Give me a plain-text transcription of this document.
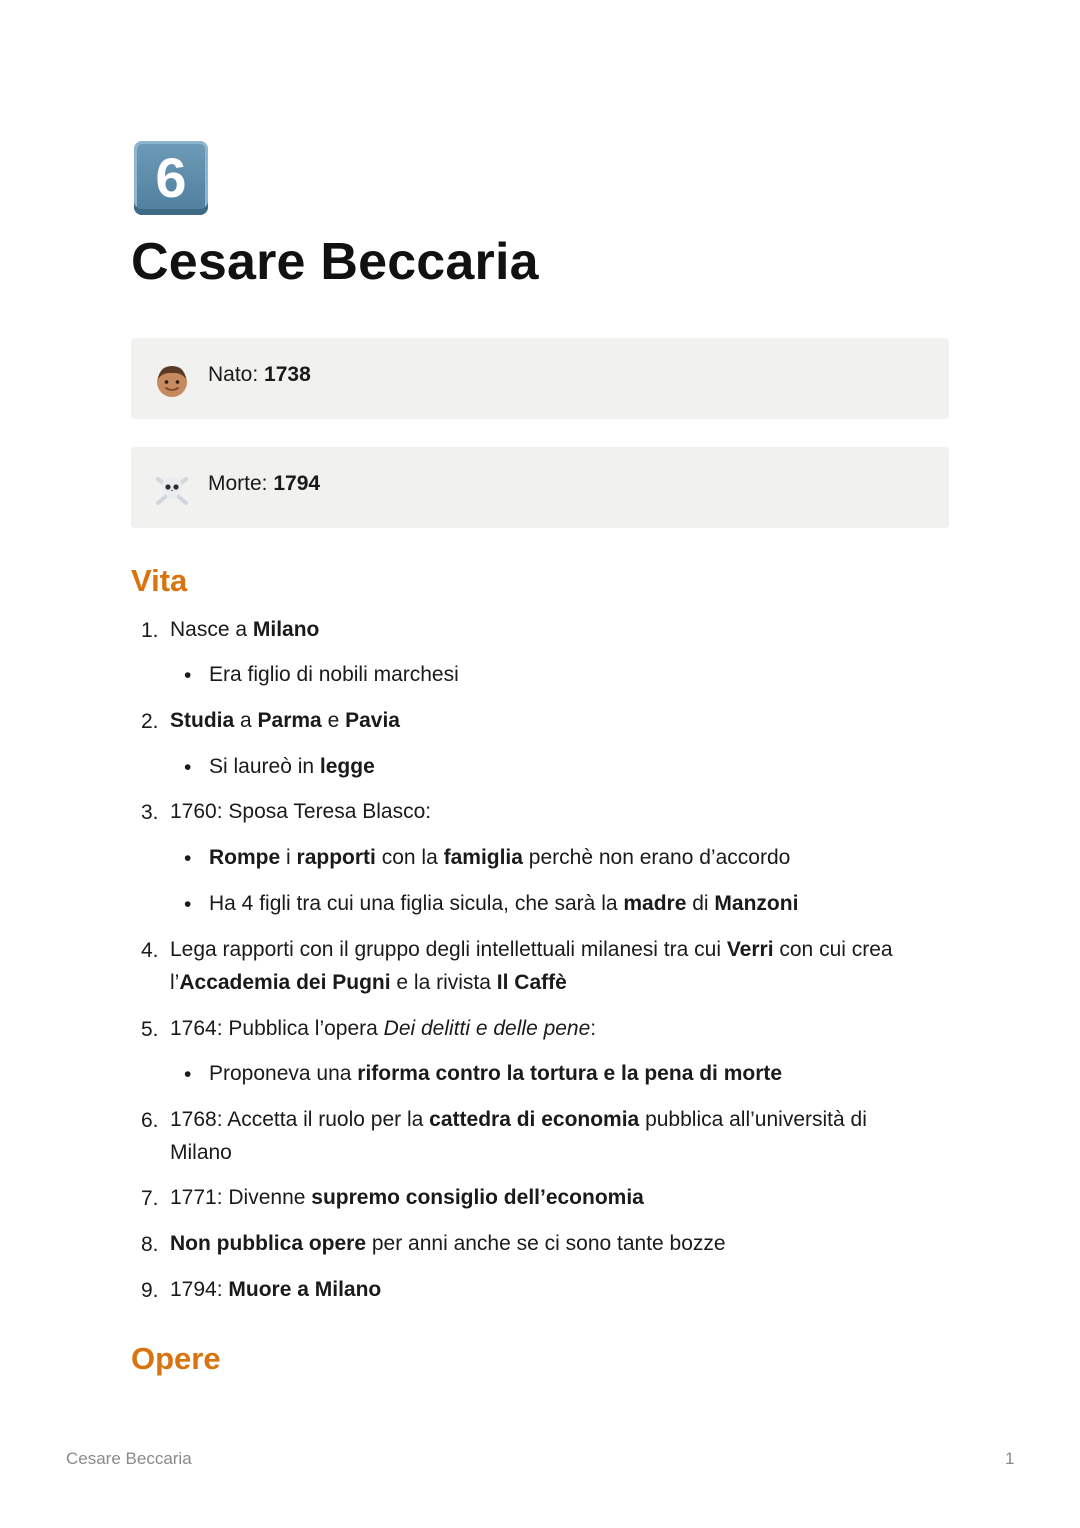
6
Cesare Beccaria
Nato: 1738
Morte: 1794
Vita
1. Nasce a Milano
• Era figlio di nobili marchesi
2. Studia a Parma e Pavia
• Si laureò in legge
3. 1760: Sposa Teresa Blasco:
• Rompe i rapporti con la famiglia perchè non erano d’accordo
• Ha 4 figli tra cui una figlia sicula, che sarà la madre di Manzoni
4. Lega rapporti con il gruppo degli intellettuali milanesi tra cui Verri con cui crea l’Accademia dei Pugni e la rivista Il Caffè
5. 1764: Pubblica l’opera Dei delitti e delle pene:
• Proponeva una riforma contro la tortura e la pena di morte
6. 1768: Accetta il ruolo per la cattedra di economia pubblica all’università di Milano
7. 1771: Divenne supremo consiglio dell’economia
8. Non pubblica opere per anni anche se ci sono tante bozze
9. 1794: Muore a Milano
Opere
Cesare Beccaria	1
